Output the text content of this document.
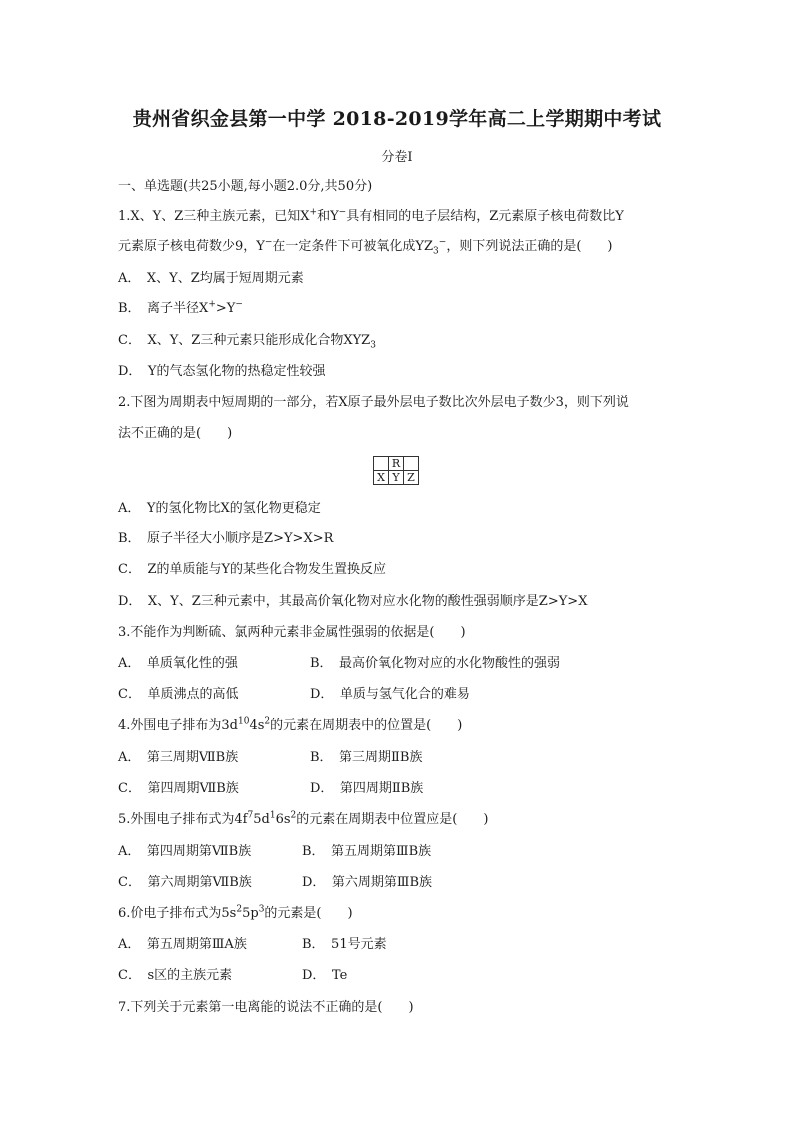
贵州省织金县第一中学 2018-2019学年高二上学期期中考试
分卷I
一、单选题(共25小题,每小题2.0分,共50分)
1.X、Y、Z三种主族元素，已知X+和Y−具有相同的电子层结构，Z元素原子核电荷数比Y
元素原子核电荷数少9，Y−在一定条件下可被氧化成$YZ_3^-$，则下列说法正确的是(　　)
A．　X、Y、Z均属于短周期元素
B．　离子半径X+>Y−
C．　X、Y、Z三种元素只能形成化合物$XYZ_3$
D．　Y的气态氢化物的热稳定性较强
2.下图为周期表中短周期的一部分，若X原子最外层电子数比次外层电子数少3，则下列说
法不正确的是(　　)
	R	
X	Y	Z
A．　Y的氢化物比X的氢化物更稳定
B．　原子半径大小顺序是Z>Y>X>R
C．　Z的单质能与Y的某些化合物发生置换反应
D．　X、Y、Z三种元素中，其最高价氧化物对应水化物的酸性强弱顺序是Z>Y>X
3.不能作为判断硫、氯两种元素非金属性强弱的依据是(　　)
A．　单质氧化性的强	B．　最高价氧化物对应的水化物酸性的强弱
C．　单质沸点的高低	D．　单质与氢气化合的难易
4.外围电子排布为$3d^{10}4s^2$的元素在周期表中的位置是(　　)
A．　第三周期ⅦB族	B．　第三周期ⅡB族
C．　第四周期ⅦB族	D．　第四周期ⅡB族
5.外围电子排布式为$4f^75d^16s^2$的元素在周期表中位置应是(　　)
A．　第四周期第ⅦB族	B．　第五周期第ⅢB族
C．　第六周期第ⅦB族	D．　第六周期第ⅢB族
6.价电子排布式为$5s^25p^3$的元素是(　　)
A．　第五周期第ⅢA族	B．　51号元素
C．　s区的主族元素	D．　Te
7.下列关于元素第一电离能的说法不正确的是(　　)
